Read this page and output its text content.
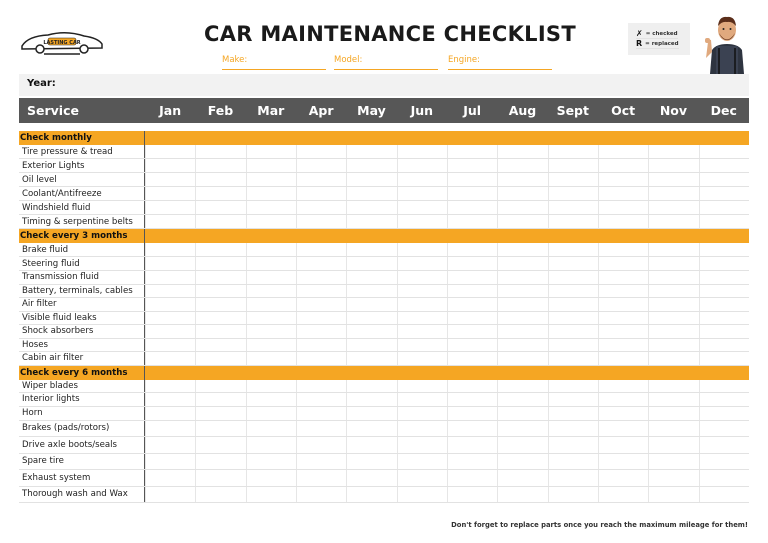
LASTING CAR	CAR MAINTENANCE CHECKLIST
Make:	Model:	Engine:
✗ = checked
R = replaced
Year:
Service	Jan	Feb	Mar	Apr	May	Jun	Jul	Aug	Sept	Oct	Nov	Dec
Check monthly
Tire pressure & tread
Exterior Lights
Oil level
Coolant/Antifreeze
Windshield fluid
Timing & serpentine belts
Check every 3 months
Brake fluid
Steering fluid
Transmission fluid
Battery, terminals, cables
Air filter
Visible fluid leaks
Shock absorbers
Hoses
Cabin air filter
Check every 6 months
Wiper blades
Interior lights
Horn
Brakes (pads/rotors)
Drive axle boots/seals
Spare tire
Exhaust system
Thorough wash and Wax
Don't forget to replace parts once you reach the maximum mileage for them!
